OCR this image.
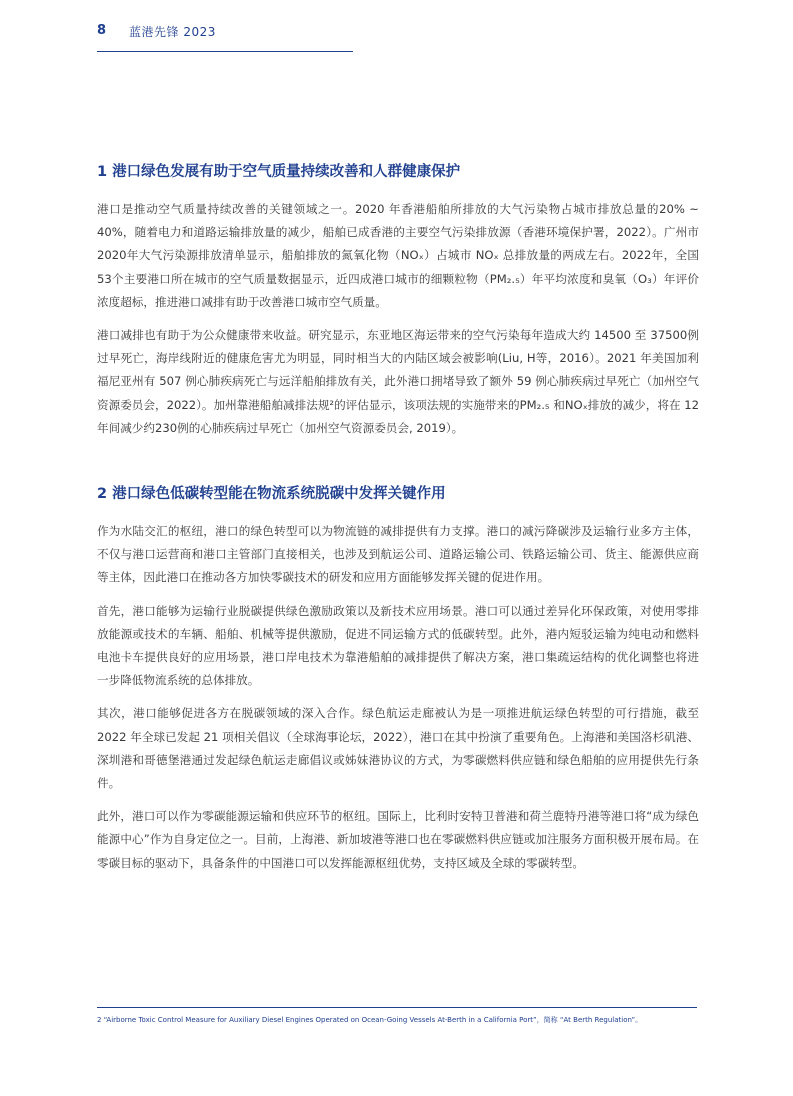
8 蓝港先锋 2023
1 港口绿色发展有助于空气质量持续改善和人群健康保护

港口是推动空气质量持续改善的关键领域之一。2020 年香港船舶所排放的大气污染物占城市排放总量的20% ~ 40%，随着电力和道路运输排放量的减少，船舶已成香港的主要空气污染排放源（香港环境保护署，2022）。广州市2020年大气污染源排放清单显示，船舶排放的氮氧化物（NOₓ）占城市 NOₓ 总排放量的两成左右。2022年，全国53个主要港口所在城市的空气质量数据显示，近四成港口城市的细颗粒物（PM₂.₅）年平均浓度和臭氧（O₃）年评价浓度超标，推进港口减排有助于改善港口城市空气质量。

港口减排也有助于为公众健康带来收益。研究显示，东亚地区海运带来的空气污染每年造成大约 14500 至 37500例过早死亡，海岸线附近的健康危害尤为明显，同时相当大的内陆区域会被影响(Liu, H等，2016）。2021 年美国加利福尼亚州有 507 例心肺疾病死亡与远洋船舶排放有关，此外港口拥堵导致了额外 59 例心肺疾病过早死亡（加州空气资源委员会，2022）。加州靠港船舶减排法规²的评估显示，该项法规的实施带来的PM₂.₅ 和NOₓ排放的减少，将在 12 年间减少约230例的心肺疾病过早死亡（加州空气资源委员会, 2019）。

2 港口绿色低碳转型能在物流系统脱碳中发挥关键作用

作为水陆交汇的枢纽，港口的绿色转型可以为物流链的减排提供有力支撑。港口的减污降碳涉及运输行业多方主体，不仅与港口运营商和港口主管部门直接相关，也涉及到航运公司、道路运输公司、铁路运输公司、货主、能源供应商等主体，因此港口在推动各方加快零碳技术的研发和应用方面能够发挥关键的促进作用。

首先，港口能够为运输行业脱碳提供绿色激励政策以及新技术应用场景。港口可以通过差异化环保政策，对使用零排放能源或技术的车辆、船舶、机械等提供激励，促进不同运输方式的低碳转型。此外，港内短驳运输为纯电动和燃料电池卡车提供良好的应用场景，港口岸电技术为靠港船舶的减排提供了解决方案，港口集疏运结构的优化调整也将进一步降低物流系统的总体排放。

其次，港口能够促进各方在脱碳领域的深入合作。绿色航运走廊被认为是一项推进航运绿色转型的可行措施，截至 2022 年全球已发起 21 项相关倡议（全球海事论坛，2022），港口在其中扮演了重要角色。上海港和美国洛杉矶港、深圳港和哥德堡港通过发起绿色航运走廊倡议或姊妹港协议的方式，为零碳燃料供应链和绿色船舶的应用提供先行条件。

此外，港口可以作为零碳能源运输和供应环节的枢纽。国际上，比利时安特卫普港和荷兰鹿特丹港等港口将“成为绿色能源中心”作为自身定位之一。目前，上海港、新加坡港等港口也在零碳燃料供应链或加注服务方面积极开展布局。在零碳目标的驱动下，具备条件的中国港口可以发挥能源枢纽优势，支持区域及全球的零碳转型。

2 “Airborne Toxic Control Measure for Auxiliary Diesel Engines Operated on Ocean-Going Vessels At-Berth in a California Port”，简称 “At Berth Regulation”。
